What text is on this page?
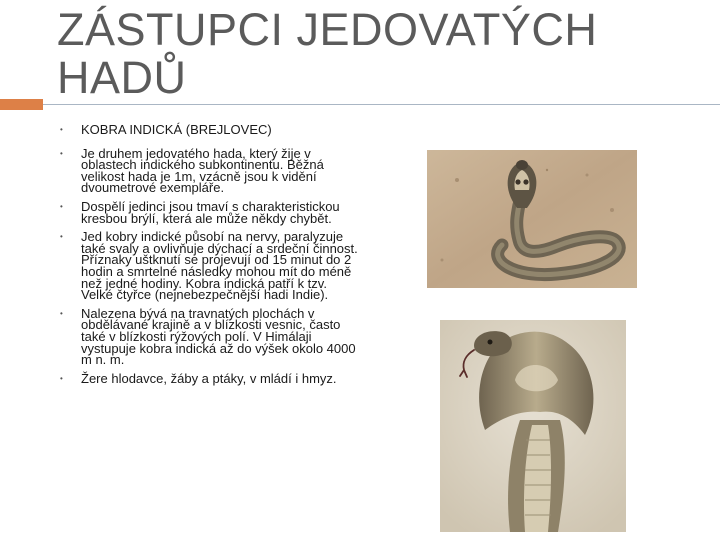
ZÁSTUPCI JEDOVATÝCH HADŮ
• KOBRA INDICKÁ (BREJLOVEC)
• Je druhem jedovatého hada, který žije v oblastech indického subkontinentu. Běžná velikost hada je 1m, vzácně jsou k vidění dvoumetrové exempláře.
• Dospělí jedinci jsou tmaví s charakteristickou kresbou brýlí, která ale může někdy chybět.
• Jed kobry indické působí na nervy, paralyzuje také svaly a ovlivňuje dýchací a srdeční činnost. Příznaky uštknutí se projevují od 15 minut do 2 hodin a smrtelné následky mohou mít do méně než jedné hodiny. Kobra indická patří k tzv. Velké čtyřce (nejnebezpečnější hadi Indie).
• Nalezena bývá na travnatých plochách v obdělávané krajině a v blízkosti vesnic, často také v blízkosti rýžových polí. V Himálaji vystupuje kobra indická až do výšek okolo 4000 m n. m.
• Žere hlodavce, žáby a ptáky, v mládí i hmyz.
